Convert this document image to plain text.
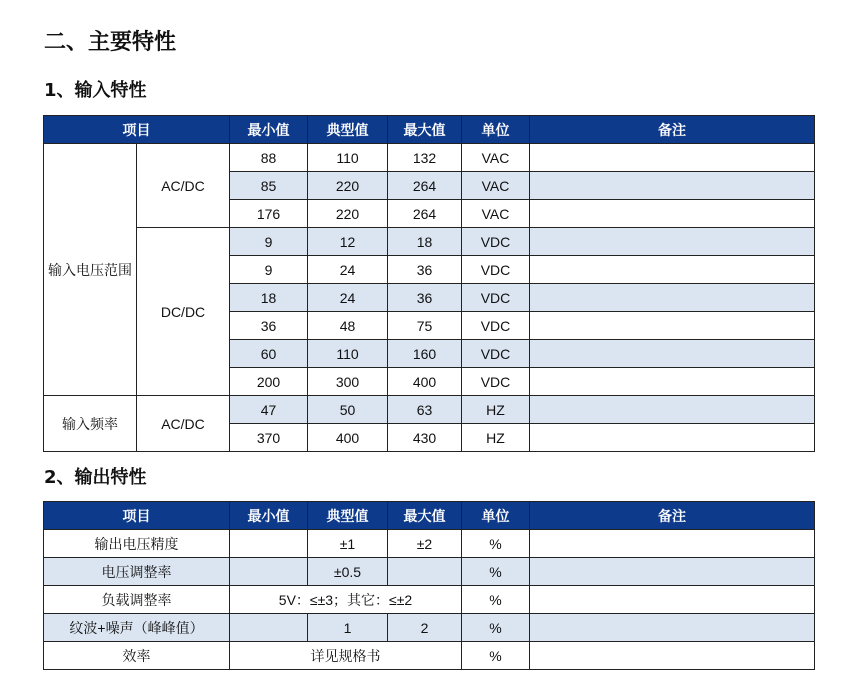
二、主要特性
1、输入特性
项目		最小值	典型值	最大值	单位	备注
输入电压范围	AC/DC	88	110	132	VAC	
		85	220	264	VAC	
		176	220	264	VAC	
	DC/DC	9	12	18	VDC	
		9	24	36	VDC	
		18	24	36	VDC	
		36	48	75	VDC	
		60	110	160	VDC	
		200	300	400	VDC	
输入频率	AC/DC	47	50	63	HZ	
		370	400	430	HZ	
2、输出特性
项目	最小值	典型值	最大值	单位	备注
输出电压精度		±1	±2	%	
电压调整率		±0.5		%	
负载调整率	5V：≤±3；其它：≤±2			%	
纹波+噪声（峰峰值）		1	2	%	
效率	详见规格书			%	
